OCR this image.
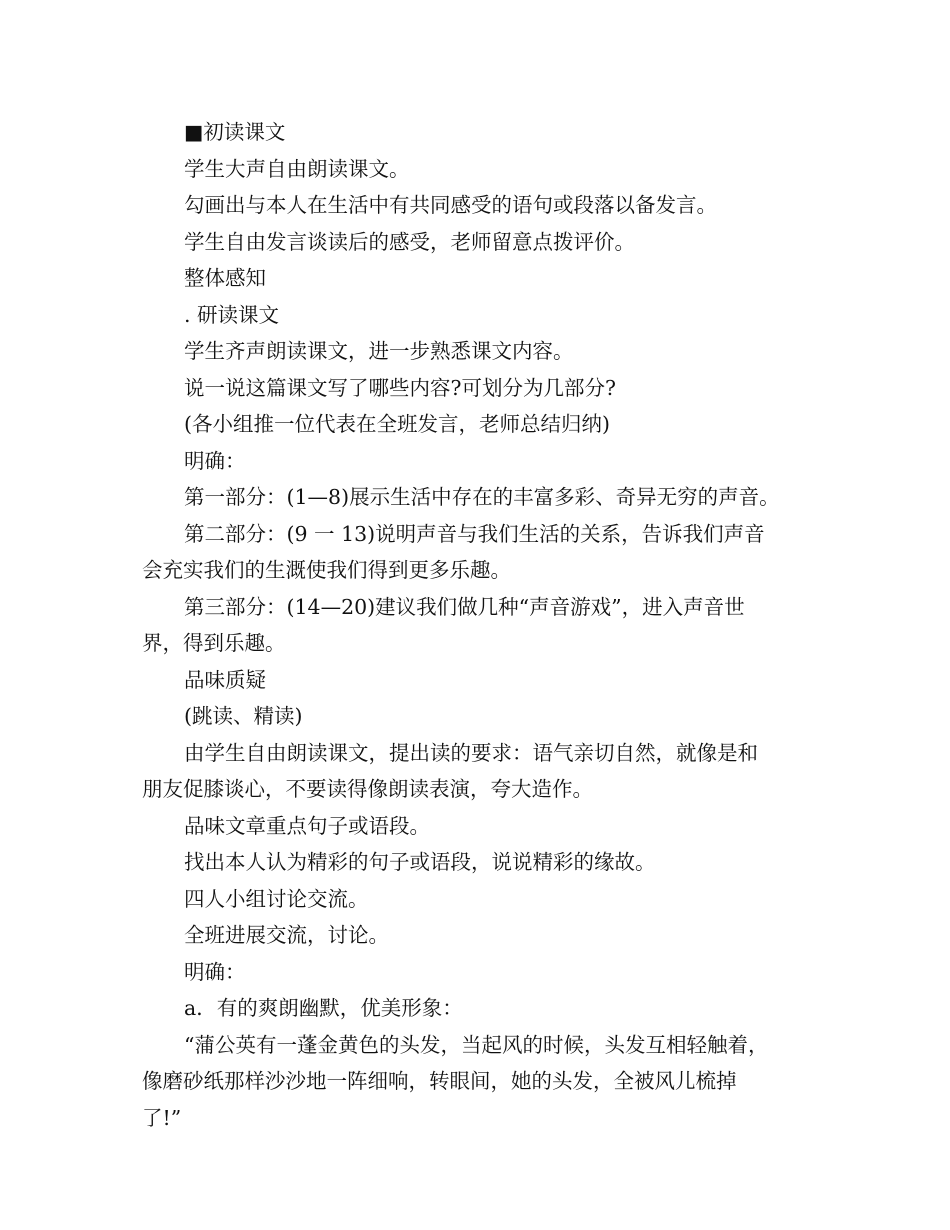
■初读课文

学生大声自由朗读课文。

勾画出与本人在生活中有共同感受的语句或段落以备发言。

学生自由发言谈读后的感受，老师留意点拨评价。

整体感知

. 研读课文

学生齐声朗读课文，进一步熟悉课文内容。

说一说这篇课文写了哪些内容?可划分为几部分?

(各小组推一位代表在全班发言，老师总结归纳)

明确：

第一部分：(1—8)展示生活中存在的丰富多彩、奇异无穷的声音。

第二部分：(9 一 13)说明声音与我们生活的关系，告诉我们声音

会充实我们的生溉使我们得到更多乐趣。

第三部分：(14—20)建议我们做几种“声音游戏”，进入声音世

界，得到乐趣。

品味质疑

(跳读、精读)

由学生自由朗读课文，提出读的要求：语气亲切自然，就像是和

朋友促膝谈心，不要读得像朗读表演，夸大造作。

品味文章重点句子或语段。

找出本人认为精彩的句子或语段，说说精彩的缘故。

四人小组讨论交流。

全班进展交流，讨论。

明确：

a．有的爽朗幽默，优美形象：

“蒲公英有一蓬金黄色的头发，当起风的时候，头发互相轻触着，

像磨砂纸那样沙沙地一阵细响，转眼间，她的头发，全被风儿梳掉

了!”
